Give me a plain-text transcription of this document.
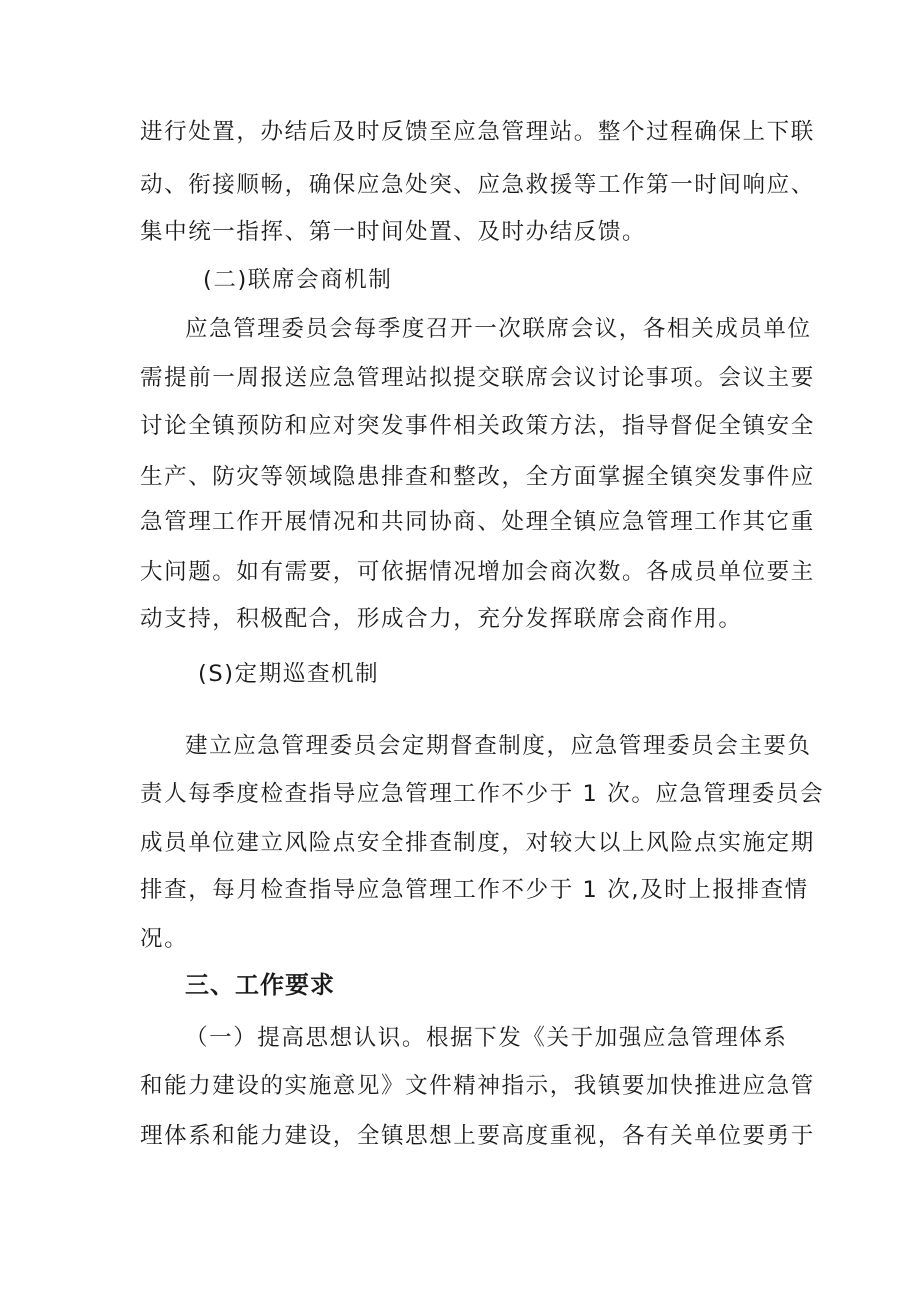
进行处置，办结后及时反馈至应急管理站。整个过程确保上下联

动、衔接顺畅，确保应急处突、应急救援等工作第一时间响应、

集中统一指挥、第一时间处置、及时办结反馈。

(二)联席会商机制

应急管理委员会每季度召开一次联席会议，各相关成员单位

需提前一周报送应急管理站拟提交联席会议讨论事项。会议主要

讨论全镇预防和应对突发事件相关政策方法，指导督促全镇安全

生产、防灾等领域隐患排查和整改，全方面掌握全镇突发事件应

急管理工作开展情况和共同协商、处理全镇应急管理工作其它重

大问题。如有需要，可依据情况增加会商次数。各成员单位要主

动支持，积极配合，形成合力，充分发挥联席会商作用。

(S)定期巡查机制

建立应急管理委员会定期督查制度，应急管理委员会主要负

责人每季度检查指导应急管理工作不少于 1 次。应急管理委员会

成员单位建立风险点安全排查制度，对较大以上风险点实施定期

排查，每月检查指导应急管理工作不少于 1 次,及时上报排查情

况。

三、工作要求

（一）提高思想认识。根据下发《关于加强应急管理体系

和能力建设的实施意见》文件精神指示，我镇要加快推进应急管

理体系和能力建设，全镇思想上要高度重视，各有关单位要勇于
